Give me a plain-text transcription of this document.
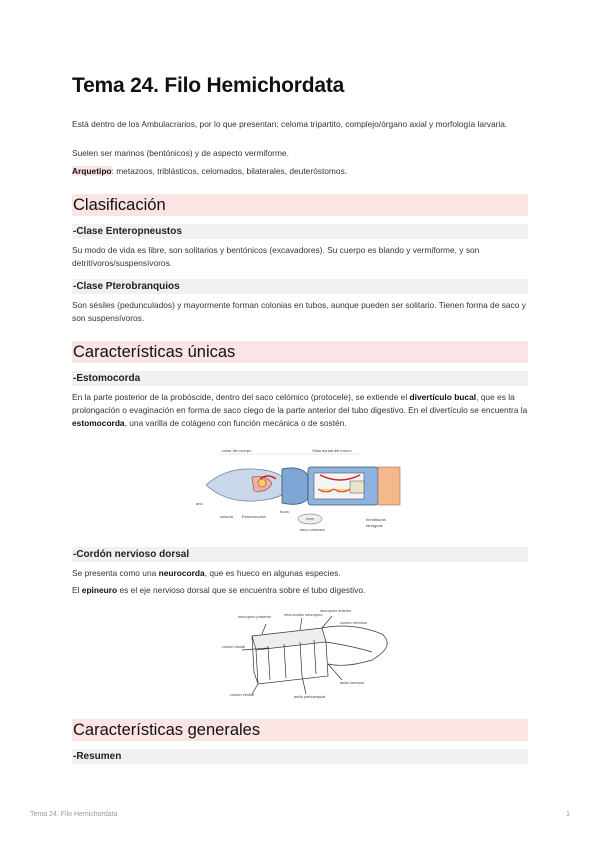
Tema 24. Filo Hemichordata

Está dentro de los Ambulacrarios, por lo que presentan: celoma tripartito, complejo/órgano axial y morfología larvaria.

Suelen ser marinos (bentónicos) y de aspecto vermiforme.

Arquetipo: metazoos, triblásticos, celomados, bilaterales, deuteróstomos.

Clasificación
-Clase Enteropneustos

Su modo de vida es libre, son solitarios y bentónicos (excavadores). Su cuerpo es blando y vermiforme, y son detritívoros/suspensívoros.

-Clase Pterobranquios

Son sésiles (pedunculados) y mayormente forman colonias en tubos, aunque pueden ser solitario. Tienen forma de saco y son suspensívoros.

Características únicas
-Estomocorda

En la parte posterior de la probóscide, dentro del saco celómico (protocele), se extiende el divertículo bucal, que es la prolongación o evaginación en forma de saco ciego de la parte anterior del tubo digestivo. En el divertículo se encuentra la estomocorda, una varilla de colágeno con función mecánica o de sostén.

collar del cuerpo	Vista dorsal del tronco
ano
celoma Estomocorda
boca
saco cardíaco
hendiduras
faríngeas
-Cordón nervioso dorsal

Se presenta como una neurocorda, que es hueco en algunas especies.

El epineuro es el eje nervioso dorsal que se encuentra sobre el tubo digestivo.

neuroporo posterior	neurocordio neuroporo
neuroporo anterior
cordón nervioso
cordón dorsal
anillo nervioso
cordón ventral	anillo prebranquial
Características generales
-Resumen
Tema 24. Filo Hemichordata	1
